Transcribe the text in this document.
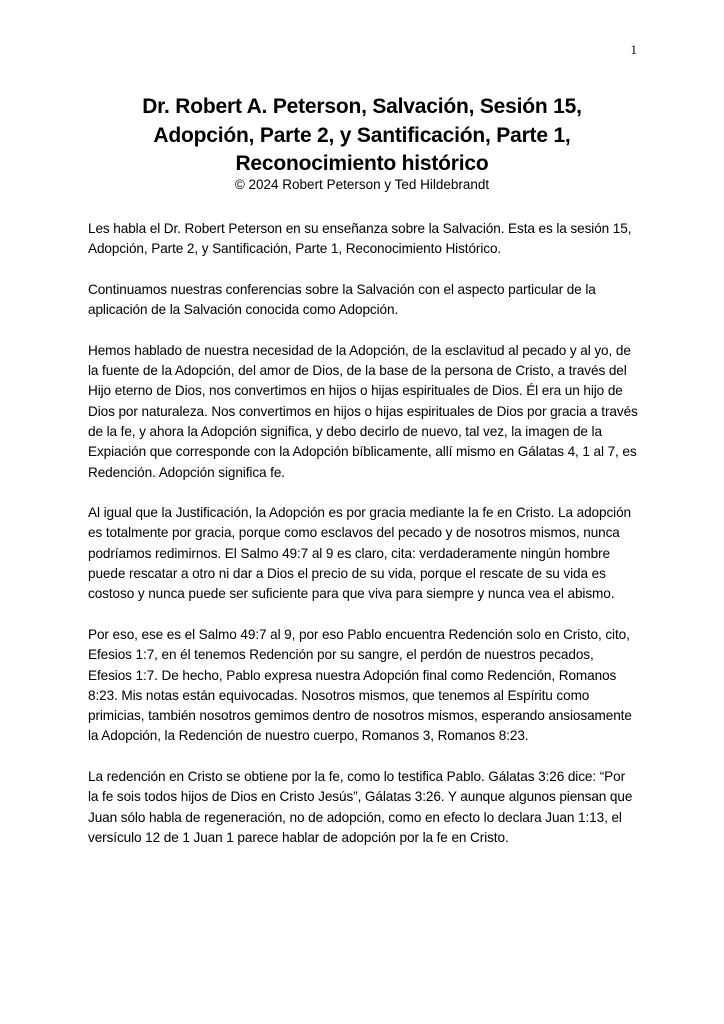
1
Dr. Robert A. Peterson, Salvación, Sesión 15,
Adopción, Parte 2, y Santificación, Parte 1,
Reconocimiento histórico
© 2024 Robert Peterson y Ted Hildebrandt

Les habla el Dr. Robert Peterson en su enseñanza sobre la Salvación. Esta es la sesión 15, Adopción, Parte 2, y Santificación, Parte 1, Reconocimiento Histórico.

Continuamos nuestras conferencias sobre la Salvación con el aspecto particular de la aplicación de la Salvación conocida como Adopción.

Hemos hablado de nuestra necesidad de la Adopción, de la esclavitud al pecado y al yo, de la fuente de la Adopción, del amor de Dios, de la base de la persona de Cristo, a través del Hijo eterno de Dios, nos convertimos en hijos o hijas espirituales de Dios. Él era un hijo de Dios por naturaleza. Nos convertimos en hijos o hijas espirituales de Dios por gracia a través de la fe, y ahora la Adopción significa, y debo decirlo de nuevo, tal vez, la imagen de la Expiación que corresponde con la Adopción bíblicamente, allí mismo en Gálatas 4, 1 al 7, es Redención. Adopción significa fe.

Al igual que la Justificación, la Adopción es por gracia mediante la fe en Cristo. La adopción es totalmente por gracia, porque como esclavos del pecado y de nosotros mismos, nunca podríamos redimirnos. El Salmo 49:7 al 9 es claro, cita: verdaderamente ningún hombre puede rescatar a otro ni dar a Dios el precio de su vida, porque el rescate de su vida es costoso y nunca puede ser suficiente para que viva para siempre y nunca vea el abismo.

Por eso, ese es el Salmo 49:7 al 9, por eso Pablo encuentra Redención solo en Cristo, cito, Efesios 1:7, en él tenemos Redención por su sangre, el perdón de nuestros pecados, Efesios 1:7. De hecho, Pablo expresa nuestra Adopción final como Redención, Romanos 8:23. Mis notas están equivocadas. Nosotros mismos, que tenemos al Espíritu como primicias, también nosotros gemimos dentro de nosotros mismos, esperando ansiosamente la Adopción, la Redención de nuestro cuerpo, Romanos 3, Romanos 8:23.

La redención en Cristo se obtiene por la fe, como lo testifica Pablo. Gálatas 3:26 dice: “Por la fe sois todos hijos de Dios en Cristo Jesús”, Gálatas 3:26. Y aunque algunos piensan que Juan sólo habla de regeneración, no de adopción, como en efecto lo declara Juan 1:13, el versículo 12 de 1 Juan 1 parece hablar de adopción por la fe en Cristo.
